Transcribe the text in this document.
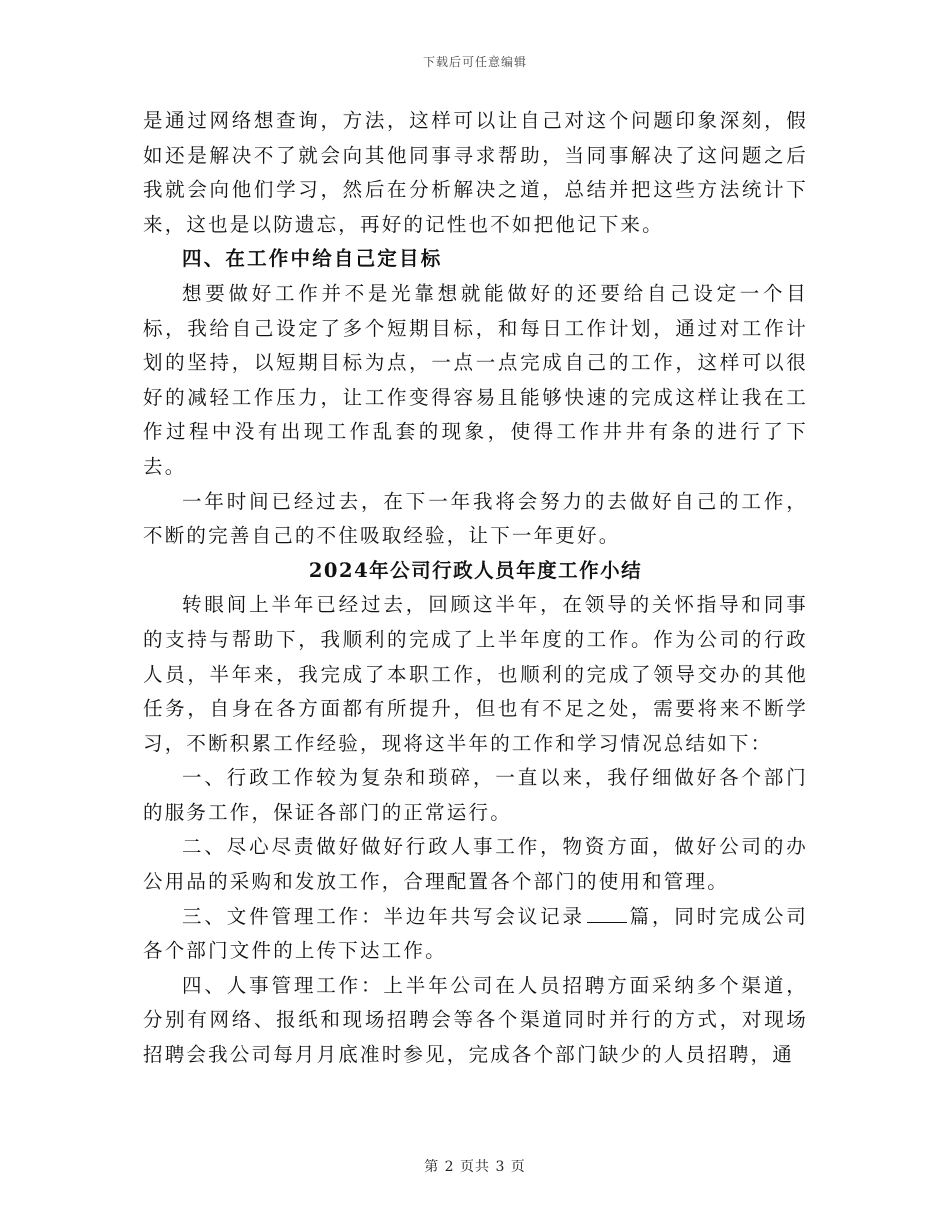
下载后可任意编辑

是通过网络想查询，方法，这样可以让自己对这个问题印象深刻，假如还是解决不了就会向其他同事寻求帮助，当同事解决了这问题之后我就会向他们学习，然后在分析解决之道，总结并把这些方法统计下来，这也是以防遗忘，再好的记性也不如把他记下来。

四、在工作中给自己定目标

想要做好工作并不是光靠想就能做好的还要给自己设定一个目标，我给自己设定了多个短期目标，和每日工作计划，通过对工作计划的坚持，以短期目标为点，一点一点完成自己的工作，这样可以很好的减轻工作压力，让工作变得容易且能够快速的完成这样让我在工作过程中没有出现工作乱套的现象，使得工作井井有条的进行了下去。

一年时间已经过去，在下一年我将会努力的去做好自己的工作，不断的完善自己的不住吸取经验，让下一年更好。

2024年公司行政人员年度工作小结

转眼间上半年已经过去，回顾这半年，在领导的关怀指导和同事的支持与帮助下，我顺利的完成了上半年度的工作。作为公司的行政人员，半年来，我完成了本职工作，也顺利的完成了领导交办的其他任务，自身在各方面都有所提升，但也有不足之处，需要将来不断学习，不断积累工作经验，现将这半年的工作和学习情况总结如下：

一、行政工作较为复杂和琐碎，一直以来，我仔细做好各个部门的服务工作，保证各部门的正常运行。

二、尽心尽责做好做好行政人事工作，物资方面，做好公司的办公用品的采购和发放工作，合理配置各个部门的使用和管理。

三、文件管理工作：半边年共写会议记录 篇，同时完成公司各个部门文件的上传下达工作。

四、人事管理工作：上半年公司在人员招聘方面采纳多个渠道，分别有网络、报纸和现场招聘会等各个渠道同时并行的方式，对现场招聘会我公司每月月底准时参见，完成各个部门缺少的人员招聘，通

第 2 页共 3 页
